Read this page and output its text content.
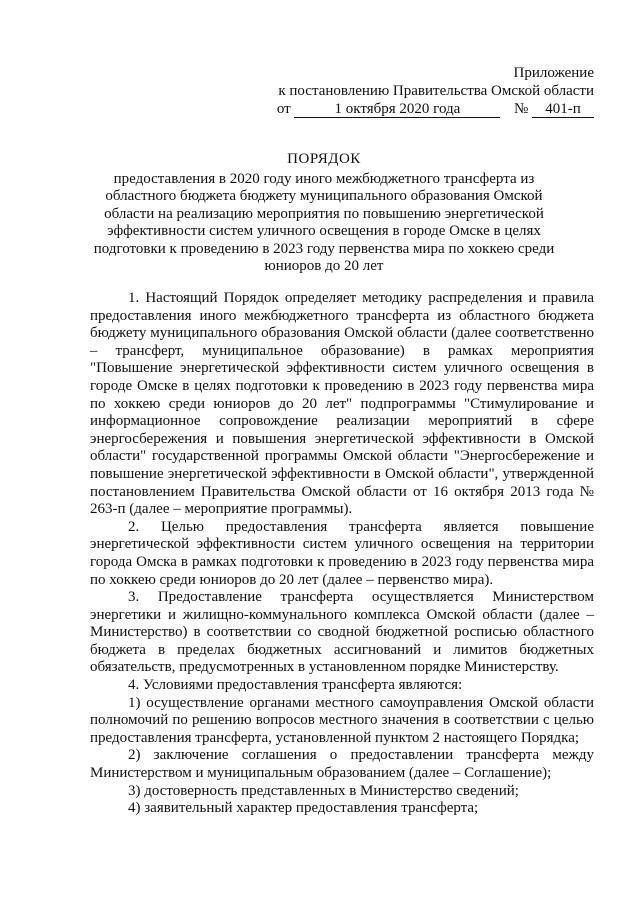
Приложение
к постановлению Правительства Омской области
от	1 октября 2020 года	№ 401-п
ПОРЯДОК
предоставления в 2020 году иного межбюджетного трансферта из областного бюджета бюджету муниципального образования Омской области на реализацию мероприятия по повышению энергетической эффективности систем уличного освещения в городе Омске в целях подготовки к проведению в 2023 году первенства мира по хоккею среди юниоров до 20 лет

1. Настоящий Порядок определяет методику распределения и правила предоставления иного межбюджетного трансферта из областного бюджета бюджету муниципального образования Омской области (далее соответственно – трансферт, муниципальное образование) в рамках мероприятия "Повышение энергетической эффективности систем уличного освещения в городе Омске в целях подготовки к проведению в 2023 году первенства мира по хоккею среди юниоров до 20 лет" подпрограммы "Стимулирование и информационное сопровождение реализации мероприятий в сфере энергосбережения и повышения энергетической эффективности в Омской области" государственной программы Омской области "Энергосбережение и повышение энергетической эффективности в Омской области", утвержденной постановлением Правительства Омской области от 16 октября 2013 года № 263-п (далее – мероприятие программы).

2. Целью предоставления трансферта является повышение энергетической эффективности систем уличного освещения на территории города Омска в рамках подготовки к проведению в 2023 году первенства мира по хоккею среди юниоров до 20 лет (далее – первенство мира).

3. Предоставление трансферта осуществляется Министерством энергетики и жилищно-коммунального комплекса Омской области (далее – Министерство) в соответствии со сводной бюджетной росписью областного бюджета в пределах бюджетных ассигнований и лимитов бюджетных обязательств, предусмотренных в установленном порядке Министерству.

4. Условиями предоставления трансферта являются:

1) осуществление органами местного самоуправления Омской области полномочий по решению вопросов местного значения в соответствии с целью предоставления трансферта, установленной пунктом 2 настоящего Порядка;

2) заключение соглашения о предоставлении трансферта между Министерством и муниципальным образованием (далее – Соглашение);

3) достоверность представленных в Министерство сведений;

4) заявительный характер предоставления трансферта;
